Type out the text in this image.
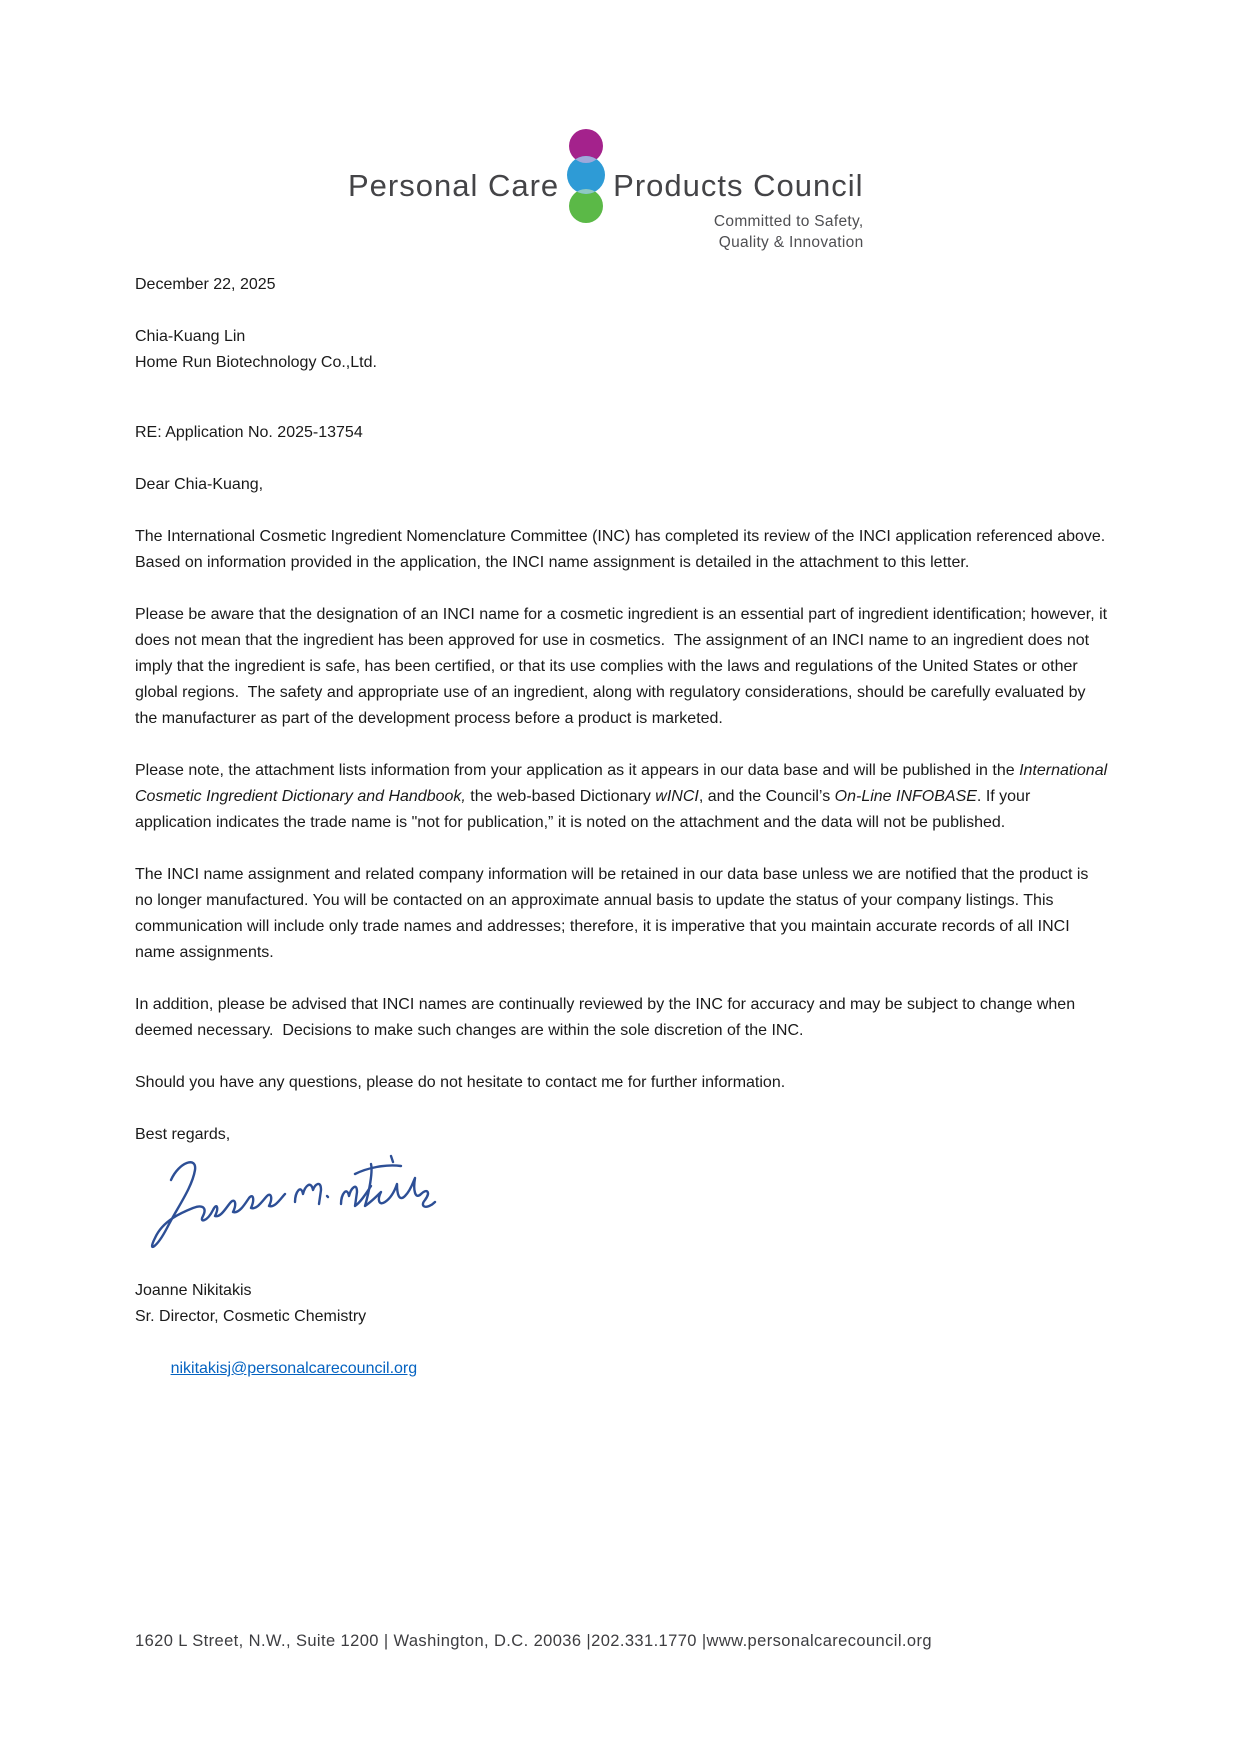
Personal Care Products Council
Committed to Safety,
Quality & Innovation
December 22, 2025
Chia-Kuang Lin
Home Run Biotechnology Co.,Ltd.
RE: Application No. 2025-13754
Dear Chia-Kuang,

The International Cosmetic Ingredient Nomenclature Committee (INC) has completed its review of the INCI application referenced above.   Based on information provided in the application, the INCI name assignment is detailed in the attachment to this letter.

Please be aware that the designation of an INCI name for a cosmetic ingredient is an essential part of ingredient identification; however, it does not mean that the ingredient has been approved for use in cosmetics.  The assignment of an INCI name to an ingredient does not imply that the ingredient is safe, has been certified, or that its use complies with the laws and regulations of the United States or other global regions.  The safety and appropriate use of an ingredient, along with regulatory considerations, should be carefully evaluated by the manufacturer as part of the development process before a product is marketed.

Please note, the attachment lists information from your application as it appears in our data base and will be published in the International Cosmetic Ingredient Dictionary and Handbook, the web-based Dictionary wINCI, and the Council’s On-Line INFOBASE. If your application indicates the trade name is "not for publication,” it is noted on the attachment and the data will not be published.

The INCI name assignment and related company information will be retained in our data base unless we are notified that the product is no longer manufactured. You will be contacted on an approximate annual basis to update the status of your company listings. This communication will include only trade names and addresses; therefore, it is imperative that you maintain accurate records of all INCI name assignments.

In addition, please be advised that INCI names are continually reviewed by the INC for accuracy and may be subject to change when deemed necessary.  Decisions to make such changes are within the sole discretion of the INC.

Should you have any questions, please do not hesitate to contact me for further information.

Best regards,
Joanne Nikitakis
Sr. Director, Cosmetic Chemistry

nikitakisj@personalcarecouncil.org

1620 L Street, N.W., Suite 1200 | Washington, D.C. 20036 |202.331.1770 |www.personalcarecouncil.org
